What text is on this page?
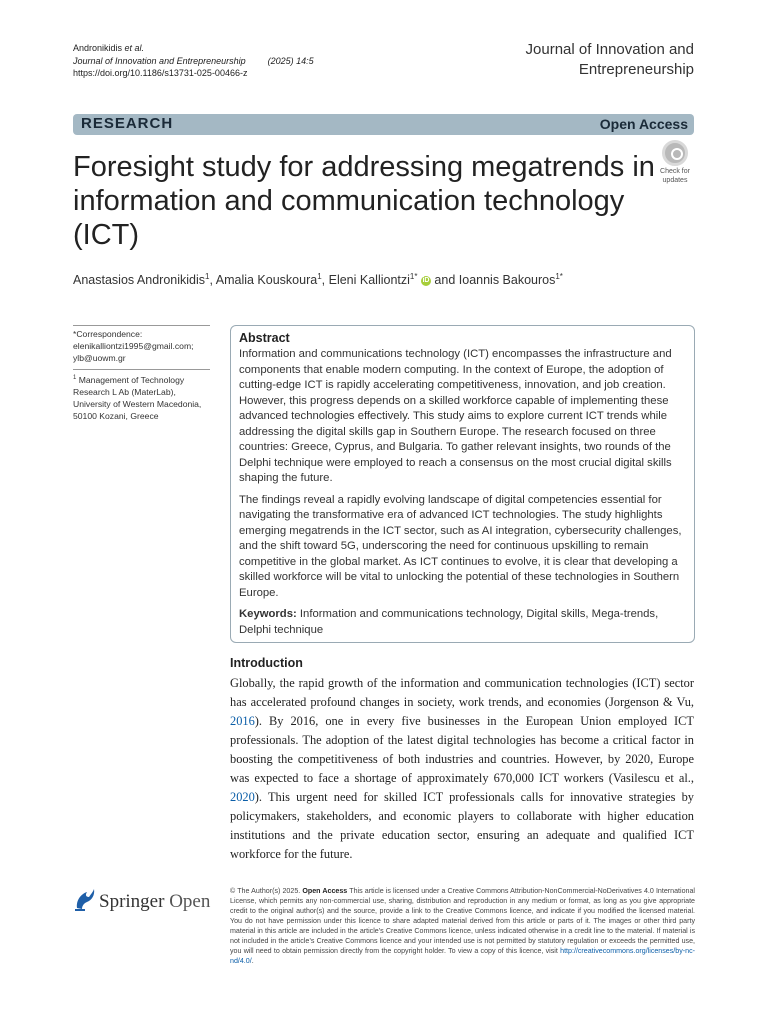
Andronikidis et al.
Journal of Innovation and Entrepreneurship (2025) 14:5
https://doi.org/10.1186/s13731-025-00466-z
Journal of Innovation and
Entrepreneurship
RESEARCH	Open Access
Foresight study for addressing megatrends in information and communication technology (ICT)
Check for
updates
Anastasios Andronikidis$^1$, Amalia Kouskoura$^1$, Eleni Kalliontzi$^{1*}$ iD and Ioannis Bakouros$^{1*}$
*Correspondence:
elenikalliontzi1995@gmail.com; ylb@uowm.gr
$^1$ Management of Technology Research L Ab (MaterLab), University of Western Macedonia, 50100 Kozani, Greece
Abstract

Information and communications technology (ICT) encompasses the infrastructure and components that enable modern computing. In the context of Europe, the adoption of cutting-edge ICT is rapidly accelerating competitiveness, innovation, and job creation. However, this progress depends on a skilled workforce capable of implementing these advanced technologies effectively. This study aims to explore current ICT trends while addressing the digital skills gap in Southern Europe. The research focused on three countries: Greece, Cyprus, and Bulgaria. To gather relevant insights, two rounds of the Delphi technique were employed to reach a consensus on the most crucial digital skills shaping the future.

The findings reveal a rapidly evolving landscape of digital competencies essential for navigating the transformative era of advanced ICT technologies. The study highlights emerging megatrends in the ICT sector, such as AI integration, cybersecurity challenges, and the shift toward 5G, underscoring the need for continuous upskilling to remain competitive in the global market. As ICT continues to evolve, it is clear that developing a skilled workforce will be vital to unlocking the potential of these technologies in Southern Europe.

Keywords: Information and communications technology, Digital skills, Mega-trends, Delphi technique

Introduction
Globally, the rapid growth of the information and communication technologies (ICT) sector has accelerated profound changes in society, work trends, and economies (Jorgenson & Vu, 2016). By 2016, one in every five businesses in the European Union employed ICT professionals. The adoption of the latest digital technologies has become a critical factor in boosting the competitiveness of both industries and countries. However, by 2020, Europe was expected to face a shortage of approximately 670,000 ICT workers (Vasilescu et al., 2020). This urgent need for skilled ICT professionals calls for innovative strategies by policymakers, stakeholders, and economic players to collaborate with higher education institutions and the private education sector, ensuring an adequate and qualified ICT workforce for the future.
Springer Open	© The Author(s) 2025. Open Access This article is licensed under a Creative Commons Attribution-NonCommercial-NoDerivatives 4.0 International License, which permits any non-commercial use, sharing, distribution and reproduction in any medium or format, as long as you give appropriate credit to the original author(s) and the source, provide a link to the Creative Commons licence, and indicate if you modified the licensed material. You do not have permission under this licence to share adapted material derived from this article or parts of it. The images or other third party material in this article are included in the article’s Creative Commons licence, unless indicated otherwise in a credit line to the material. If material is not included in the article’s Creative Commons licence and your intended use is not permitted by statutory regulation or exceeds the permitted use, you will need to obtain permission directly from the copyright holder. To view a copy of this licence, visit http://creativecommons.org/licenses/by-nc-nd/4.0/.
